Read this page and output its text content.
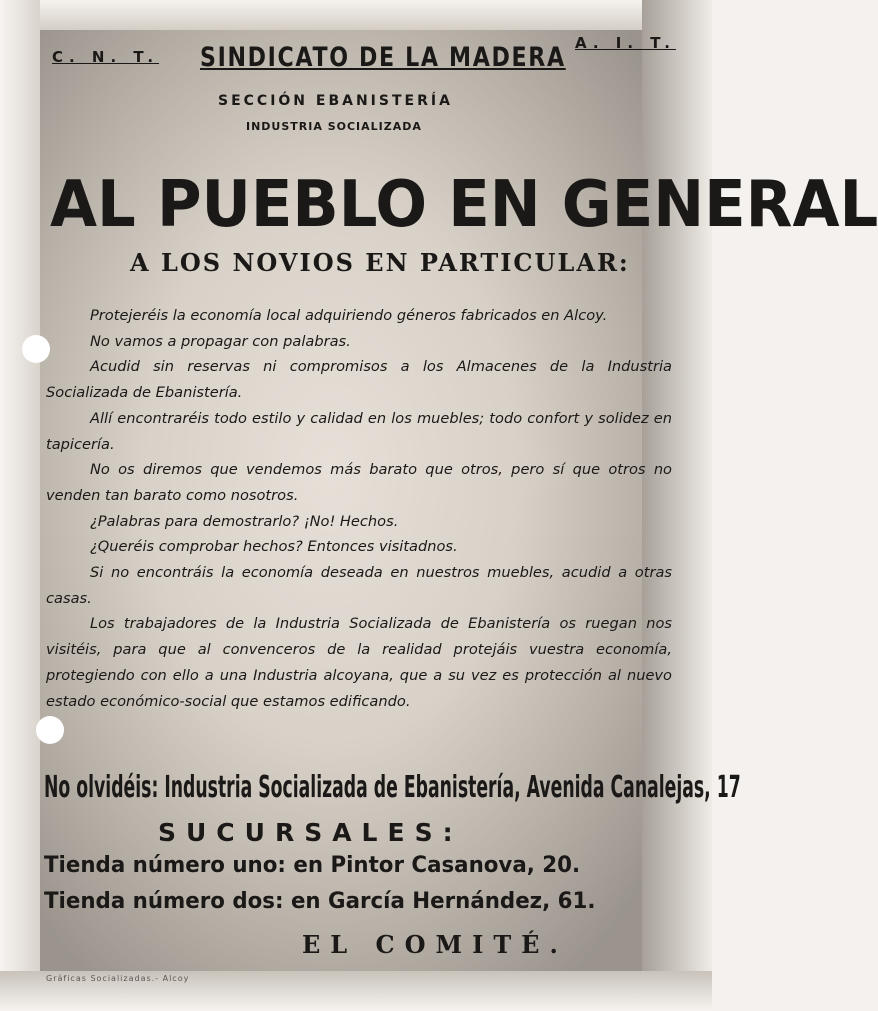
C. N. T. SINDICATO DE LA MADERA A. I. T.
SECCIÓN EBANISTERÍA
INDUSTRIA SOCIALIZADA
AL PUEBLO EN GENERAL
A LOS NOVIOS EN PARTICULAR:

Protejeréis la economía local adquiriendo géneros fabricados en Alcoy.

No vamos a propagar con palabras.

Acudid sin reservas ni compromisos a los Almacenes de la Industria Socializada de Ebanistería.

Allí encontraréis todo estilo y calidad en los muebles; todo confort y solidez en tapicería.

No os diremos que vendemos más barato que otros, pero sí que otros no venden tan barato como nosotros.

¿Palabras para demostrarlo? ¡No! Hechos.

¿Queréis comprobar hechos? Entonces visitadnos.

Si no encontráis la economía deseada en nuestros muebles, acudid a otras casas.

Los trabajadores de la Industria Socializada de Ebanistería os ruegan nos visitéis, para que al convenceros de la realidad protejáis vuestra economía, protegiendo con ello a una Industria alcoyana, que a su vez es protección al nuevo estado económico-social que estamos edificando.

No olvidéis: Industria Socializada de Ebanistería, Avenida Canalejas, 17
SUCURSALES:
Tienda número uno: en Pintor Casanova, 20.
Tienda número dos: en García Hernández, 61.
EL COMITÉ.
Gráficas Socializadas.- Alcoy
